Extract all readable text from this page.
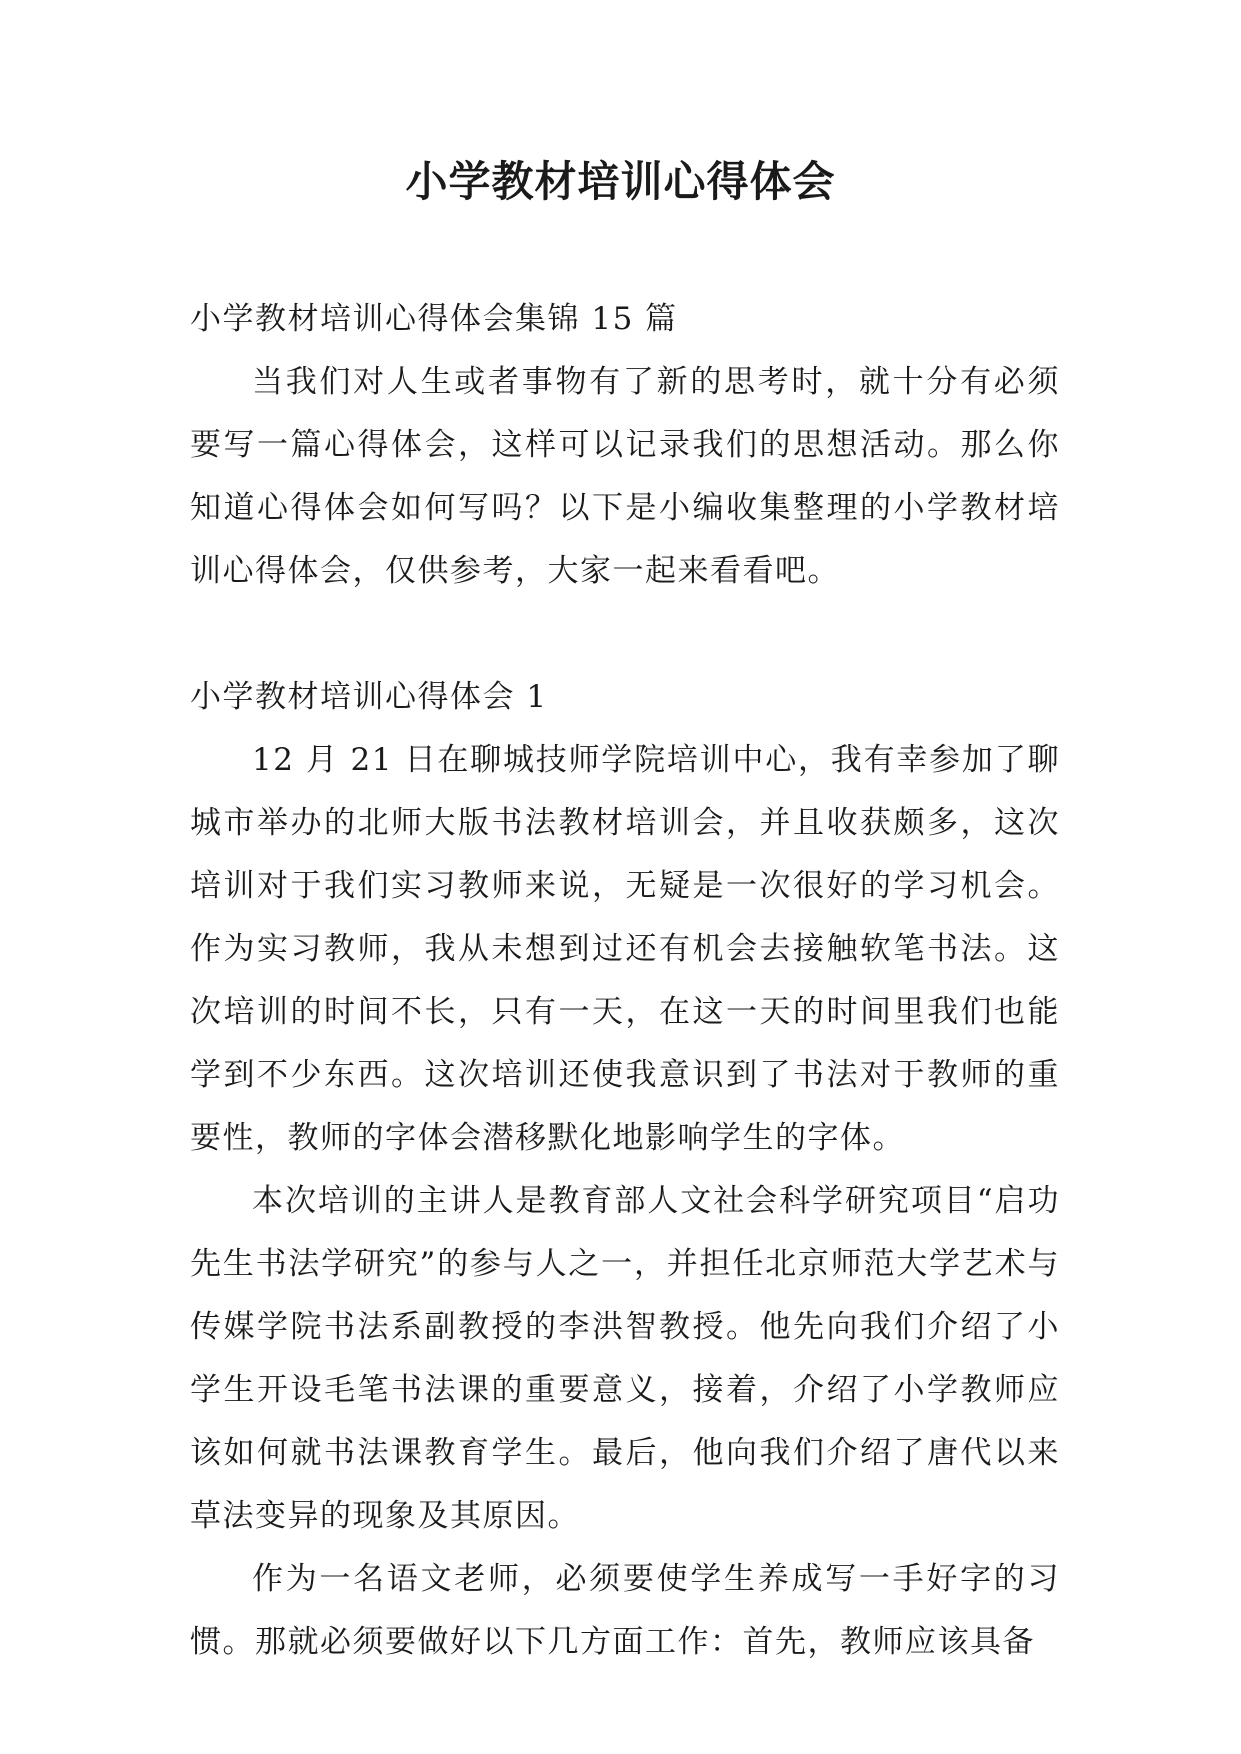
小学教材培训心得体会

小学教材培训心得体会集锦 15 篇

当我们对人生或者事物有了新的思考时，就十分有必须要写一篇心得体会，这样可以记录我们的思想活动。那么你知道心得体会如何写吗？以下是小编收集整理的小学教材培训心得体会，仅供参考，大家一起来看看吧。

小学教材培训心得体会 1

12 月 21 日在聊城技师学院培训中心，我有幸参加了聊城市举办的北师大版书法教材培训会，并且收获颇多，这次培训对于我们实习教师来说，无疑是一次很好的学习机会。作为实习教师，我从未想到过还有机会去接触软笔书法。这次培训的时间不长，只有一天，在这一天的时间里我们也能学到不少东西。这次培训还使我意识到了书法对于教师的重要性，教师的字体会潜移默化地影响学生的字体。

本次培训的主讲人是教育部人文社会科学研究项目“启功先生书法学研究”的参与人之一，并担任北京师范大学艺术与传媒学院书法系副教授的李洪智教授。他先向我们介绍了小学生开设毛笔书法课的重要意义，接着，介绍了小学教师应该如何就书法课教育学生。最后，他向我们介绍了唐代以来草法变异的现象及其原因。

作为一名语文老师，必须要使学生养成写一手好字的习惯。那就必须要做好以下几方面工作：首先，教师应该具备
